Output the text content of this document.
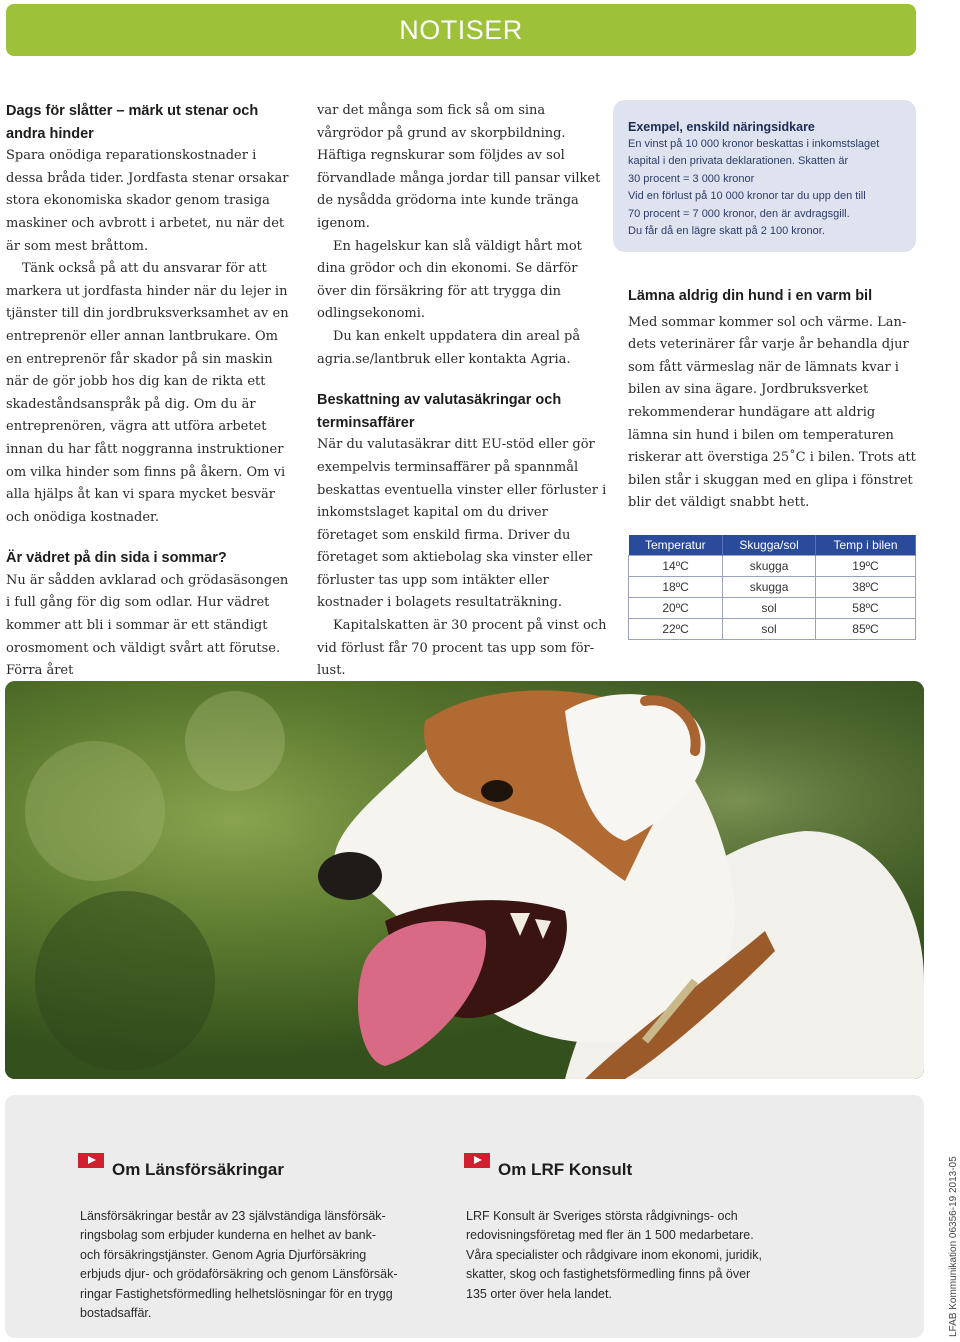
NOTISER

Dags för slåtter – märk ut stenar och andra hinder

Spara onödiga reparationskostnader i dessa bråda tider. Jordfasta stenar orsakar stora ekonomiska skador genom trasiga maskiner och avbrott i arbetet, nu när det är som mest bråttom.

Tänk också på att du ansvarar för att markera ut jordfasta hinder när du lejer in tjänster till din jordbruksverksamhet av en entreprenör eller annan lantbrukare. Om en entreprenör får skador på sin maskin när de gör jobb hos dig kan de rikta ett skadeståndsanspråk på dig. Om du är entreprenören, vägra att utföra arbetet innan du har fått noggranna instruktioner om vilka hinder som finns på åkern. Om vi alla hjälps åt kan vi spara mycket besvär och onödiga kostnader.

Är vädret på din sida i sommar?

Nu är sådden avklarad och grödasäsongen i full gång för dig som odlar. Hur vädret kommer att bli i sommar är ett ständigt orosmoment och väldigt svårt att förutse. Förra året

var det många som fick så om sina vårgrödor på grund av skorpbildning. Häftiga regnskurar som följdes av sol förvandlade många jordar till pansar vilket de nysådda grödorna inte kunde tränga igenom.

En hagelskur kan slå väldigt hårt mot dina grödor och din ekonomi. Se därför över din försäkring för att trygga din odlingsekonomi.

Du kan enkelt uppdatera din areal på agria.se/lantbruk eller kontakta Agria.

Beskattning av valutasäkringar och terminsaffärer

När du valutasäkrar ditt EU-stöd eller gör exempelvis terminsaffärer på spannmål beskattas eventuella vinster eller förluster i inkomstslaget kapital om du driver företaget som enskild firma. Driver du företaget som aktiebolag ska vinster eller förluster tas upp som intäkter eller kostnader i bolagets resultaträkning.

Kapitalskatten är 30 procent på vinst och vid förlust får 70 procent tas upp som förlust.

Exempel, enskild näringsidkare

En vinst på 10 000 kronor beskattas i inkomstslaget

kapital i den privata deklarationen. Skatten är

30 procent = 3 000 kronor

Vid en förlust på 10 000 kronor tar du upp den till

70 procent = 7 000 kronor, den är avdragsgill.

Du får då en lägre skatt på 2 100 kronor.

Lämna aldrig din hund i en varm bil

Med sommar kommer sol och värme. Landets veterinärer får varje år behandla djur som fått värmeslag när de lämnats kvar i bilen av sina ägare. Jordbruksverket rekommenderar hundägare att aldrig lämna sin hund i bilen om temperaturen riskerar att överstiga 25˚C i bilen. Trots att bilen står i skuggan med en glipa i fönstret blir det väldigt snabbt hett.

Temperatur	Skugga/sol	Temp i bilen
14ºC	skugga	19ºC
18ºC	skugga	38ºC
20ºC	sol	58ºC
22ºC	sol	85ºC

Om Länsförsäkringar

Länsförsäkringar består av 23 självständiga länsförsäk-

ringsbolag som erbjuder kunderna en helhet av bank-

och försäkringstjänster. Genom Agria Djurförsäkring

erbjuds djur- och grödaförsäkring och genom Länsförsäk-

ringar Fastighetsförmedling helhetslösningar för en trygg

bostadsaffär.

Om LRF Konsult

LRF Konsult är Sveriges största rådgivnings- och

redovisningsföretag med fler än 1 500 medarbetare.

Våra specialister och rådgivare inom ekonomi, juridik,

skatter, skog och fastighetsförmedling finns på över

135 orter över hela landet.	LFAB Kommunikation 06356-19 2013-05
